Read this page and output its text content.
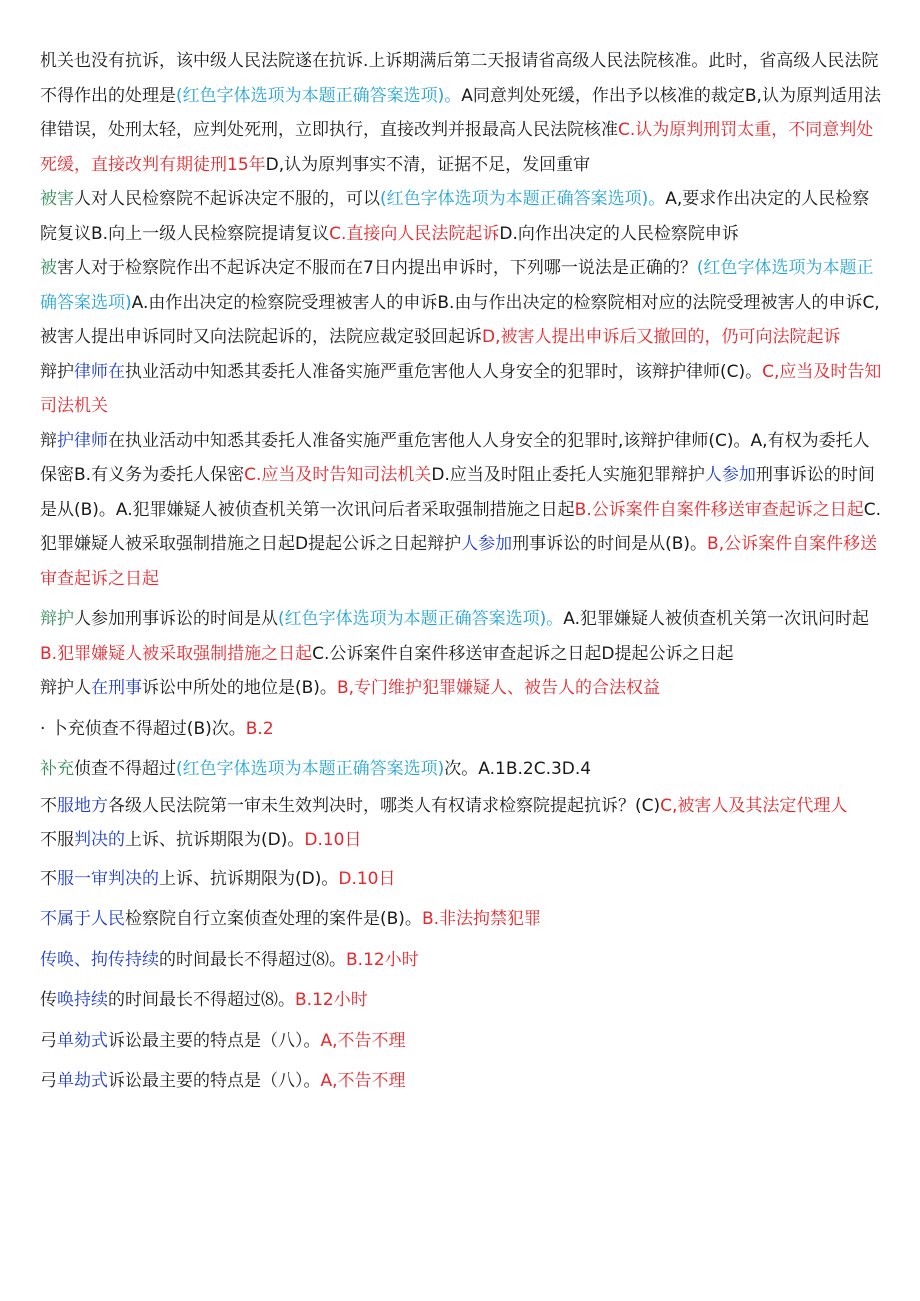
机关也没有抗诉，该中级人民法院遂在抗诉.上诉期满后第二天报请省高级人民法院核准。此时，省高级人民法院不得作出的处理是(红色字体选项为本题正确答案选项)。A同意判处死缓，作出予以核准的裁定B,认为原判适用法律错误，处刑太轻，应判处死刑，立即执行，直接改判并报最高人民法院核准C.认为原判刑罚太重，不同意判处死缓，直接改判有期徒刑15年D,认为原判事实不清，证据不足，发回重审

被害人对人民检察院不起诉决定不服的，可以(红色字体选项为本题正确答案选项)。A,要求作出决定的人民检察院复议B.向上一级人民检察院提请复议C.直接向人民法院起诉D.向作出决定的人民检察院申诉

被害人对于检察院作出不起诉决定不服而在7日内提出申诉时，下列哪一说法是正确的？(红色字体选项为本题正确答案选项)A.由作出决定的检察院受理被害人的申诉B.由与作出决定的检察院相对应的法院受理被害人的申诉C,被害人提出申诉同时又向法院起诉的，法院应裁定驳回起诉D,被害人提出申诉后又撤回的，仍可向法院起诉

辩护律师在执业活动中知悉其委托人准备实施严重危害他人人身安全的犯罪时，该辩护律师(C)。C,应当及时告知司法机关

辩护律师在执业活动中知悉其委托人准备实施严重危害他人人身安全的犯罪时,该辩护律师(C)。A,有权为委托人保密B.有义务为委托人保密C.应当及时告知司法机关D.应当及时阻止委托人实施犯罪辩护人参加刑事诉讼的时间是从(B)。A.犯罪嫌疑人被侦查机关第一次讯问后者采取强制措施之日起B.公诉案件自案件移送审查起诉之日起C.犯罪嫌疑人被采取强制措施之日起D提起公诉之日起辩护人参加刑事诉讼的时间是从(B)。B,公诉案件自案件移送审查起诉之日起

辩护人参加刑事诉讼的时间是从(红色字体选项为本题正确答案选项)。A.犯罪嫌疑人被侦查机关第一次讯问时起B.犯罪嫌疑人被采取强制措施之日起C.公诉案件自案件移送审查起诉之日起D提起公诉之日起

辩护人在刑事诉讼中所处的地位是(B)。B,专门维护犯罪嫌疑人、被告人的合法权益

· 卜充侦查不得超过(B)次。B.2

补充侦查不得超过(红色字体选项为本题正确答案选项)次。A.1B.2C.3D.4

不服地方各级人民法院第一审未生效判决时，哪类人有权请求检察院提起抗诉？(C)C,被害人及其法定代理人

不服判决的上诉、抗诉期限为(D)。D.10日

不服一审判决的上诉、抗诉期限为(D)。D.10日

不属于人民检察院自行立案侦查处理的案件是(B)。B.非法拘禁犯罪

传唤、拘传持续的时间最长不得超过⑻。B.12小时

传唤持续的时间最长不得超过⑻。B.12小时

弓单劾式诉讼最主要的特点是（八）。A,不告不理

弓单劫式诉讼最主要的特点是（八）。A,不告不理
